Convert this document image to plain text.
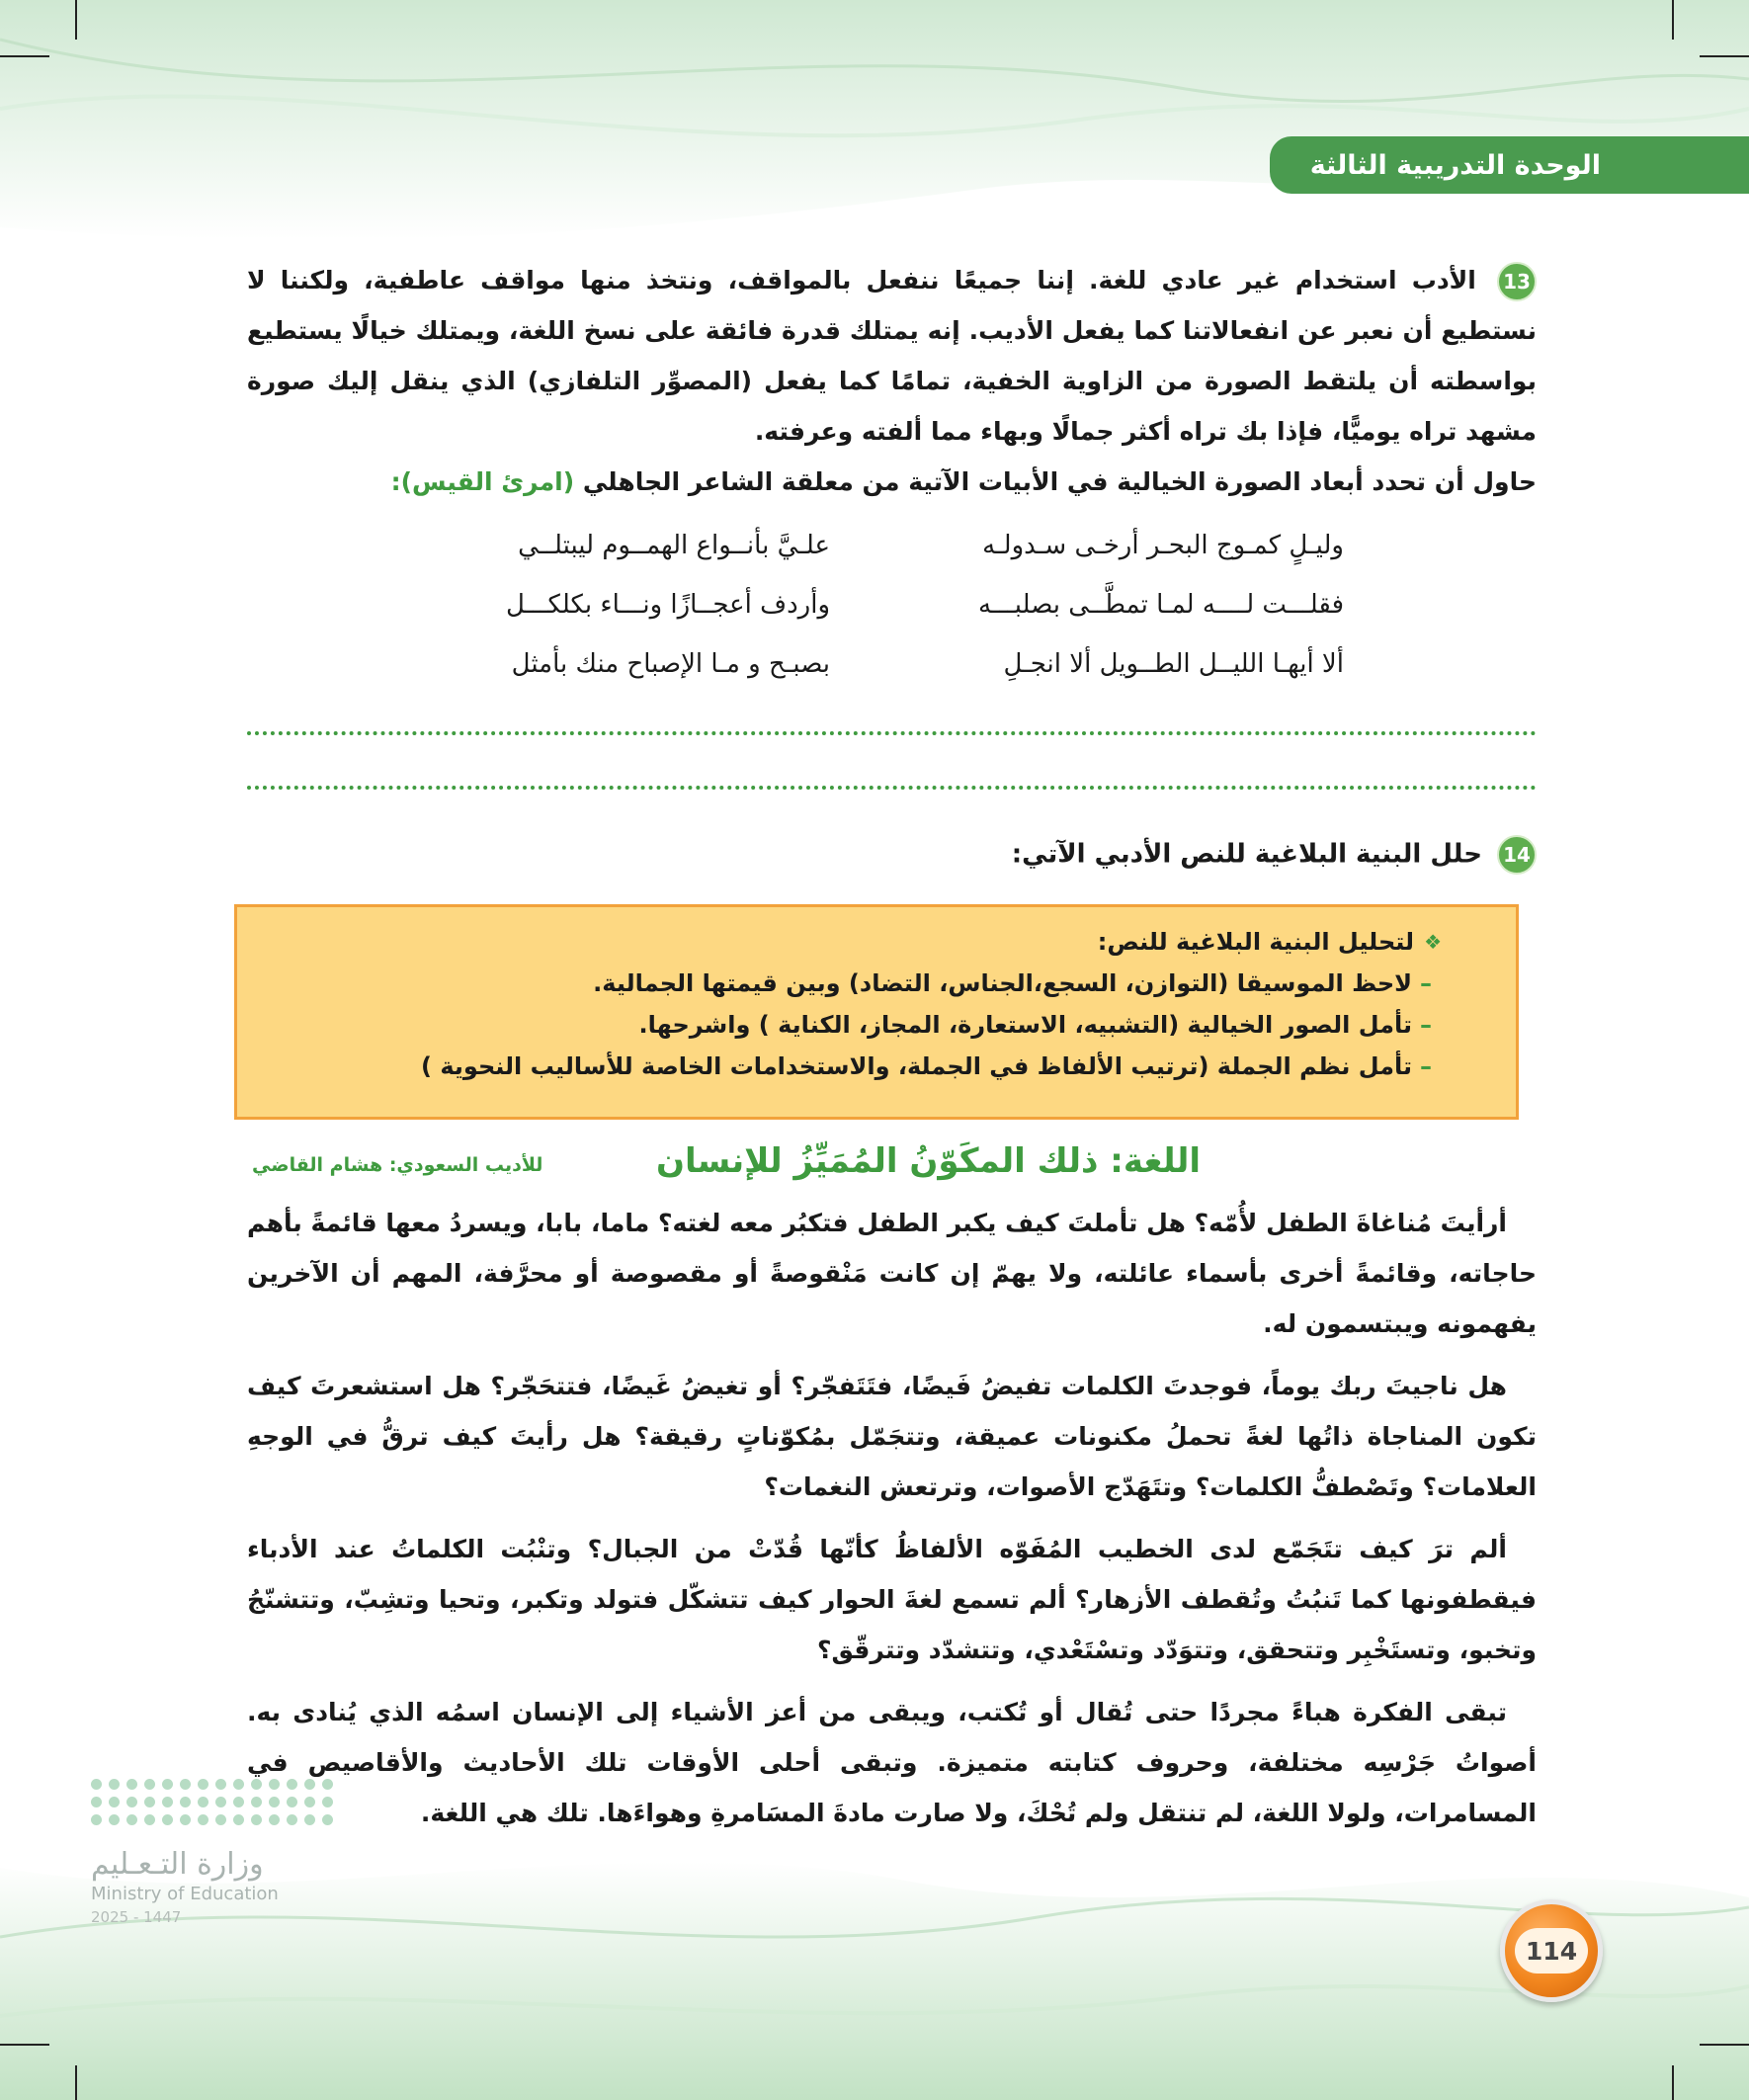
الوحدة التدريبية الثالثة
13 الأدب استخدام غير عادي للغة. إننا جميعًا ننفعل بالمواقف، ونتخذ منها مواقف عاطفية، ولكننا لا نستطيع أن نعبر عن انفعالاتنا كما يفعل الأديب. إنه يمتلك قدرة فائقة على نسخ اللغة، ويمتلك خيالًا يستطيع بواسطته أن يلتقط الصورة من الزاوية الخفية، تمامًا كما يفعل (المصوِّر التلفازي) الذي ينقل إليك صورة مشهد تراه يوميًّا، فإذا بك تراه أكثر جمالًا وبهاء مما ألفته وعرفته.
حاول أن تحدد أبعاد الصورة الخيالية في الأبيات الآتية من معلقة الشاعر الجاهلي (امرئ القيس):
وليـلٍ كمـوج البحـر أرخـى سـدولـه
علـيَّ بأنــواع الهمــوم ليبتلــي
فقلـــت لــــه لمـا تمطَّــى بصلبـــه
وأردف أعجــازًا ونـــاء بكلكـــل
ألا أيهـا الليــل الطــويل ألا انجـلِ
بصبـح و مـا الإصباح منك بأمثل
14 حلل البنية البلاغية للنص الأدبي الآتي:
❖
لتحليل البنية البلاغية للنص:
–لاحظ الموسيقا (التوازن، السجع،الجناس، التضاد) وبين قيمتها الجمالية.
–تأمل الصور الخيالية (التشبيه، الاستعارة، المجاز، الكناية ) واشرحها.
–تأمل نظم الجملة (ترتيب الألفاظ في الجملة، والاستخدامات الخاصة للأساليب النحوية )
اللغة: ذلك المكَوّنُ المُمَيِّزُ للإنسان
للأديب السعودي: هشام القاضي

أرأيتَ مُناغاةَ الطفل لأُمّه؟ هل تأملتَ كيف يكبر الطفل فتكبُر معه لغته؟ ماما، بابا، ويسردُ معها قائمةً بأهم حاجاته، وقائمةً أخرى بأسماء عائلته، ولا يهمّ إن كانت مَنْقوصةً أو مقصوصة أو محرَّفة، المهم أن الآخرين يفهمونه ويبتسمون له.

هل ناجيتَ ربك يوماً، فوجدتَ الكلمات تفيضُ فَيضًا، فتَتَفجّر؟ أو تغيضُ غَيضًا، فتتحَجّر؟ هل استشعرتَ كيف تكون المناجاة ذاتُها لغةً تحملُ مكنونات عميقة، وتتجَمّل بمُكوّناتٍ رقيقة؟ هل رأيتَ كيف ترقُّ في الوجهِ العلامات؟ وتَصْطفُّ الكلمات؟ وتتَهَدّج الأصوات، وترتعش النغمات؟

ألم ترَ كيف تتَجَمّع لدى الخطيب المُفَوّه الألفاظُ كأنّها قُدّتْ من الجبال؟ وتنْبُت الكلماتُ عند الأدباء فيقطفونها كما تَنبُتُ وتُقطف الأزهار؟ ألم تسمع لغةَ الحوار كيف تتشكّل فتولد وتكبر، وتحيا وتشِبّ، وتتشنّجُ وتخبو، وتستَخْبِر وتتحقق، وتتوَدّد وتسْتَعْدي، وتتشدّد وتترقّق؟

تبقى الفكرة هباءً مجردًا حتى تُقال أو تُكتب، ويبقى من أعز الأشياء إلى الإنسان اسمُه الذي يُنادى به. أصواتُ جَرْسِه مختلفة، وحروف كتابته متميزة. وتبقى أحلى الأوقات تلك الأحاديث والأقاصيص في المسامرات، ولولا اللغة، لم تنتقل ولم تُحْكَ، ولا صارت مادةَ المسَامرةِ وهواءَها. تلك هي اللغة.

وزارة التـعـليم
Ministry of Education
2025 - 1447
114
